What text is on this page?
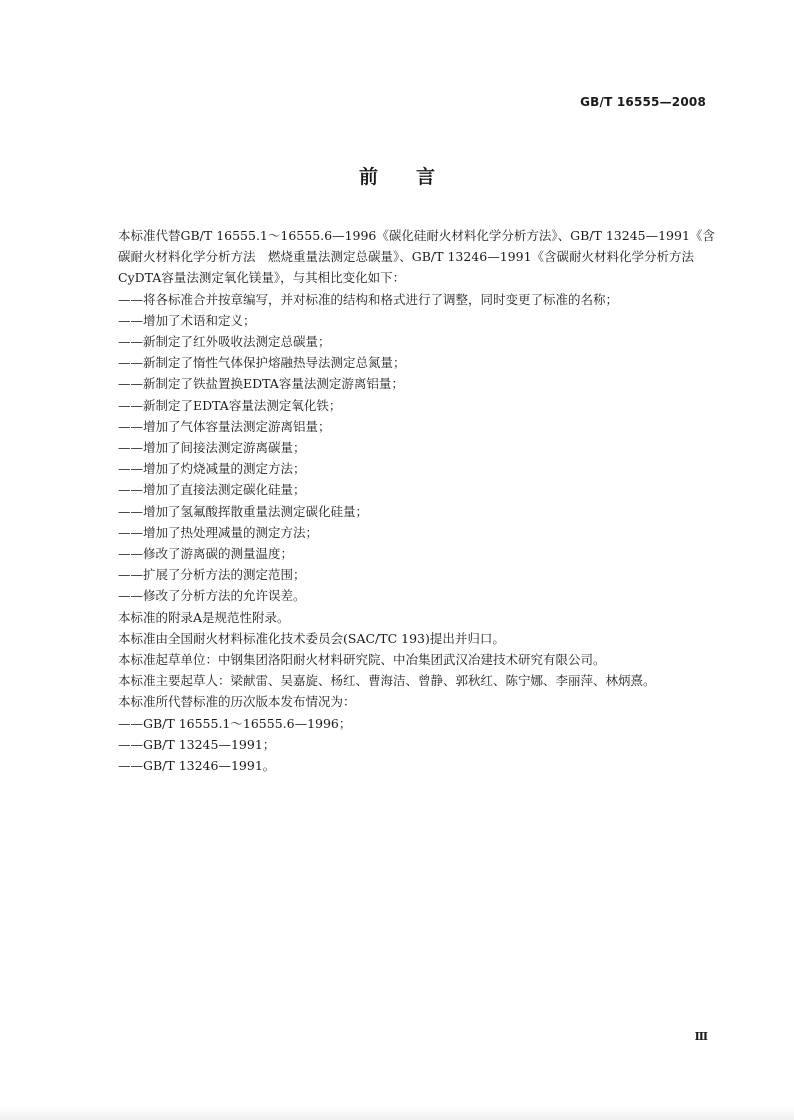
GB/T 16555—2008
前言

本标准代替GB/T 16555.1～16555.6—1996《碳化硅耐火材料化学分析方法》、GB/T 13245—1991《含碳耐火材料化学分析方法　燃烧重量法测定总碳量》、GB/T 13246—1991《含碳耐火材料化学分析方法　CyDTA容量法测定氧化镁量》，与其相比变化如下：

——将各标准合并按章编写，并对标准的结构和格式进行了调整，同时变更了标准的名称；
——增加了术语和定义；
——新制定了红外吸收法测定总碳量；
——新制定了惰性气体保护熔融热导法测定总氮量；
——新制定了铁盐置换EDTA容量法测定游离铝量；
——新制定了EDTA容量法测定氧化铁；
——增加了气体容量法测定游离铝量；
——增加了间接法测定游离碳量；
——增加了灼烧减量的测定方法；
——增加了直接法测定碳化硅量；
——增加了氢氟酸挥散重量法测定碳化硅量；
——增加了热处理减量的测定方法；
——修改了游离碳的测量温度；
——扩展了分析方法的测定范围；
——修改了分析方法的允许误差。

本标准的附录A是规范性附录。

本标准由全国耐火材料标准化技术委员会(SAC/TC 193)提出并归口。

本标准起草单位：中钢集团洛阳耐火材料研究院、中冶集团武汉冶建技术研究有限公司。

本标准主要起草人：梁献雷、吴嘉旋、杨红、曹海洁、曾静、郭秋红、陈宁娜、李丽萍、林炳熹。

本标准所代替标准的历次版本发布情况为：

——GB/T 16555.1～16555.6—1996；
——GB/T 13245—1991；
——GB/T 13246—1991。
Ⅲ
